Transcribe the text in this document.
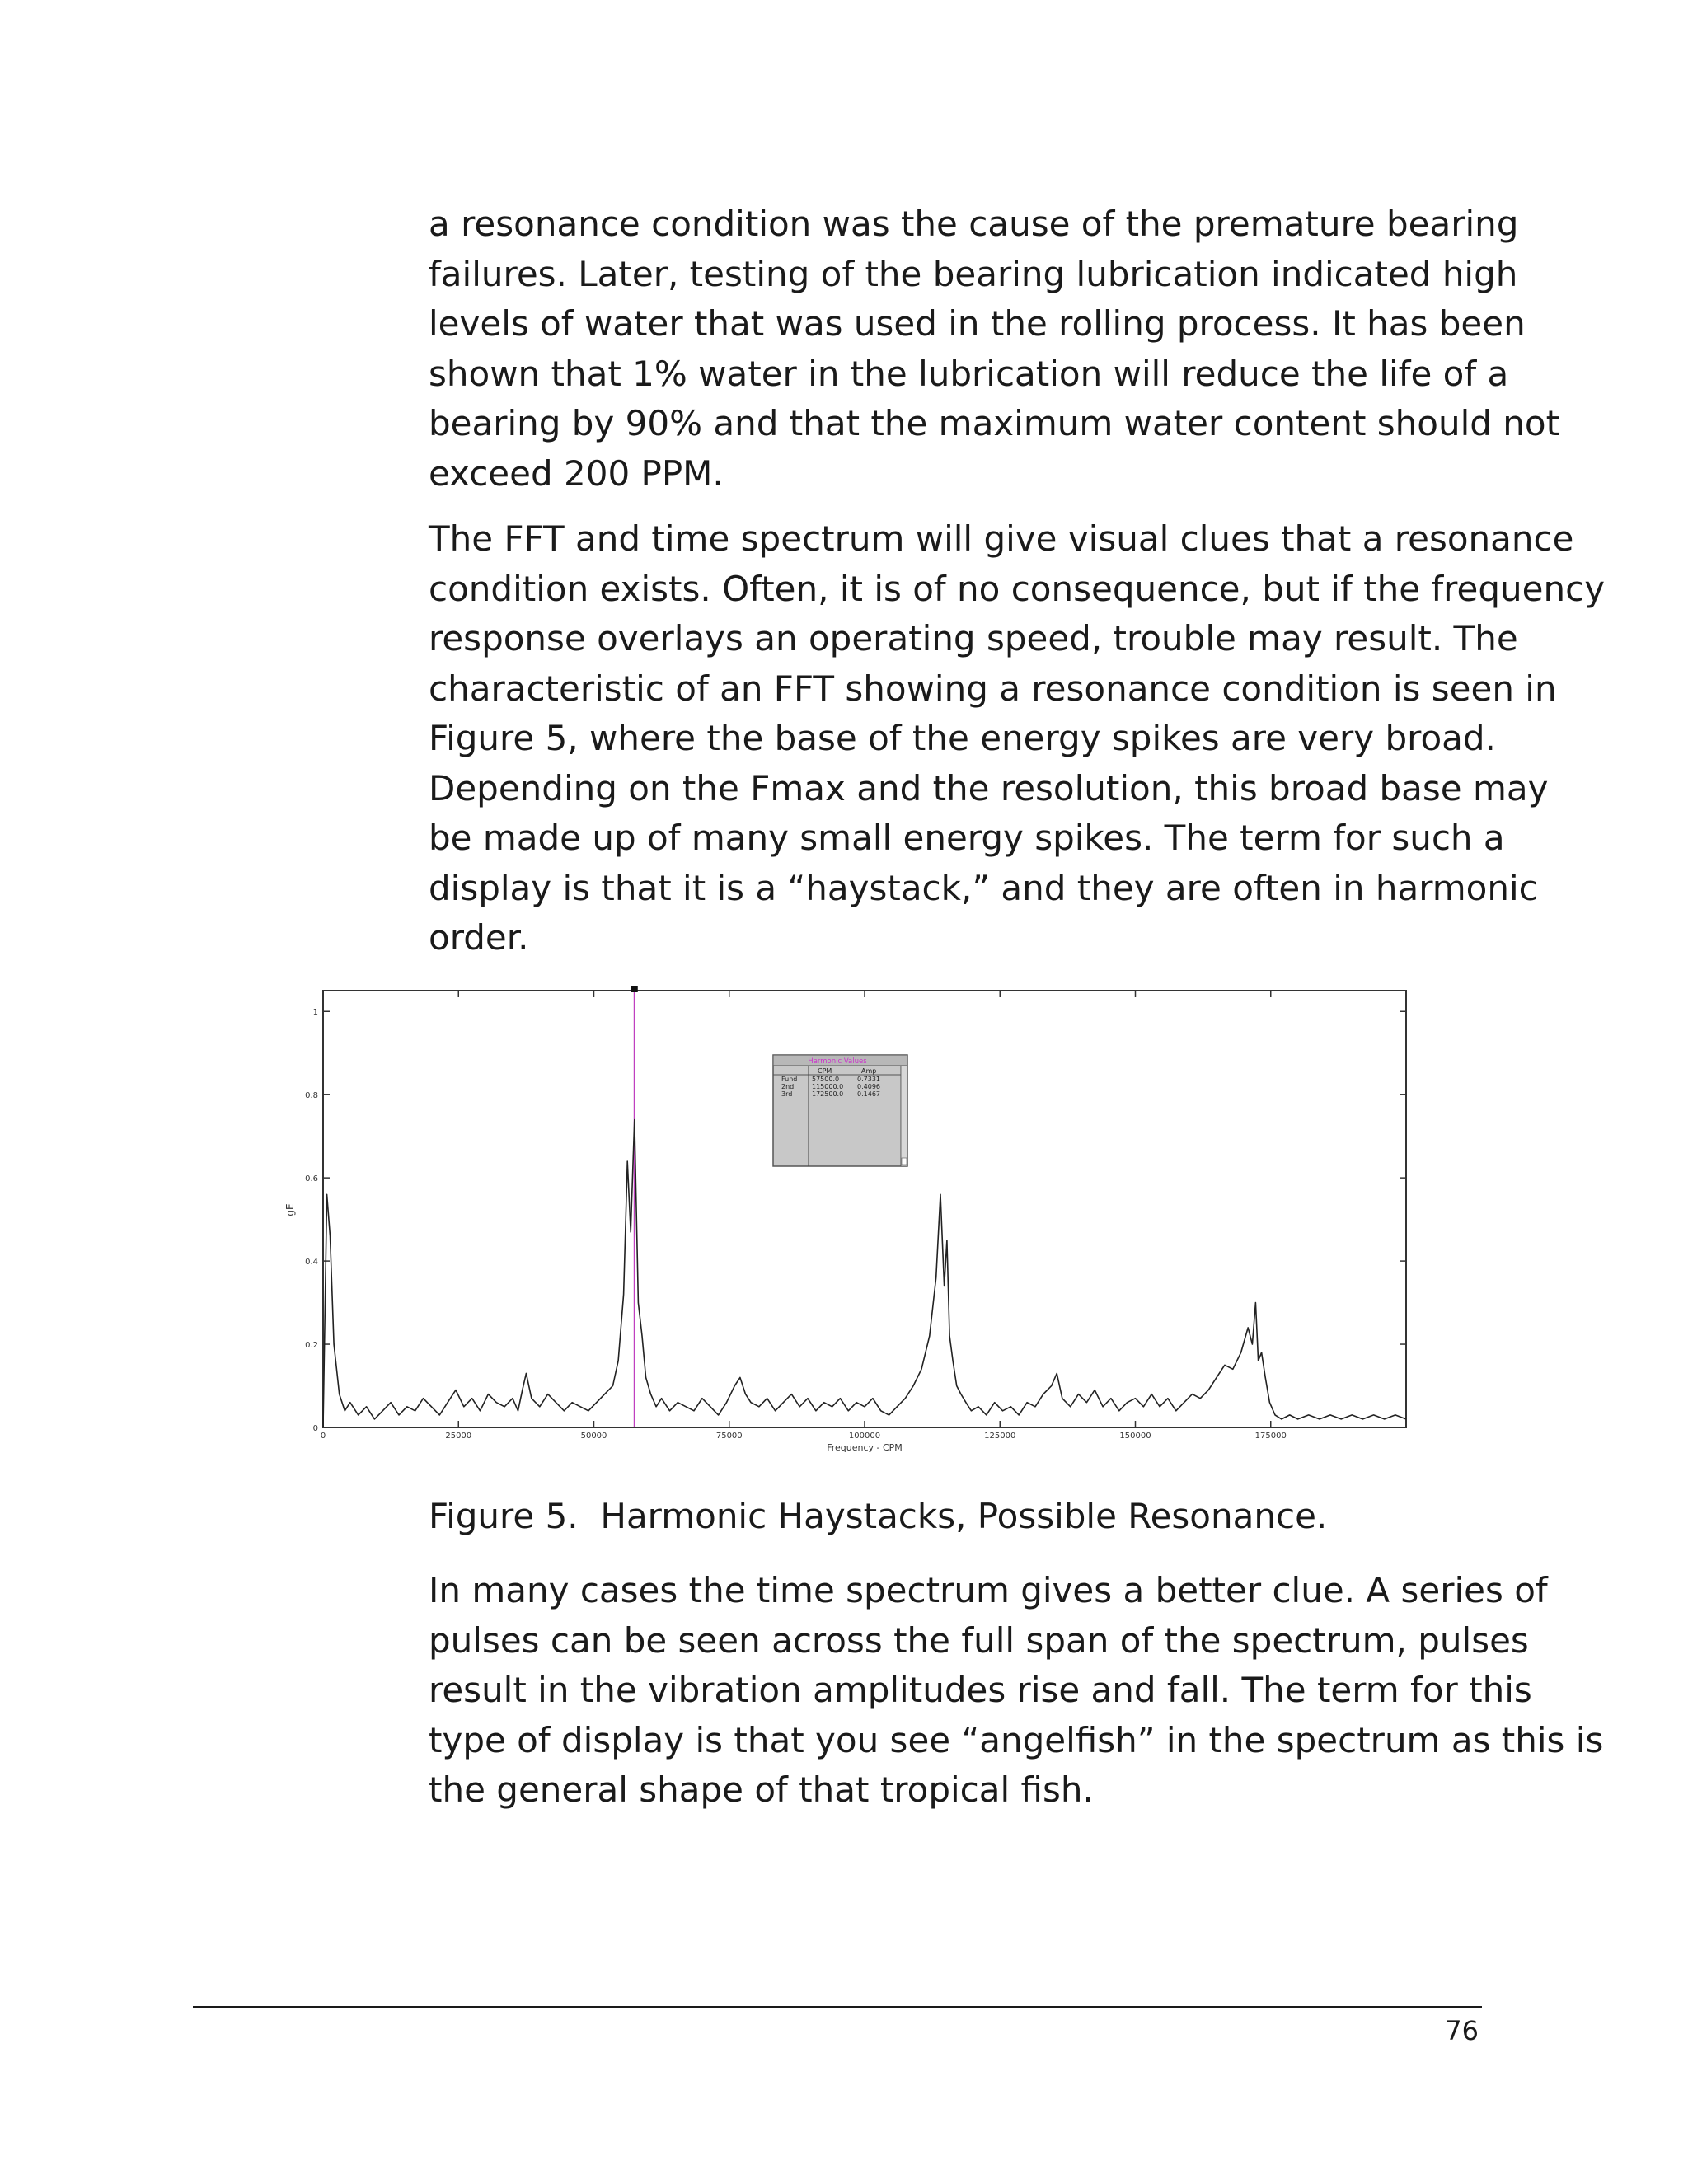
a resonance condition was the cause of the premature bearing
failures. Later, testing of the bearing lubrication indicated high
levels of water that was used in the rolling process. It has been
shown that 1% water in the lubrication will reduce the life of a
bearing by 90% and that the maximum water content should not
exceed 200 PPM.
The FFT and time spectrum will give visual clues that a resonance
condition exists. Often, it is of no consequence, but if the frequency
response overlays an operating speed, trouble may result. The
characteristic of an FFT showing a resonance condition is seen in
Figure 5, where the base of the energy spikes are very broad.
Depending on the Fmax and the resolution, this broad base may
be made up of many small energy spikes. The term for such a
display is that it is a “haystack,” and they are often in harmonic
order.
0
0.2
0.4
0.6
0.8
1
0	25000	50000	75000	100000	125000	150000	175000
Frequency - CPM
gE
Harmonic Values
CPM	Amp
Fund 57500.0	0.7331
2nd	115000.0 0.4096
3rd	172500.0 0.1467
Figure 5.  Harmonic Haystacks, Possible Resonance.
In many cases the time spectrum gives a better clue. A series of
pulses can be seen across the full span of the spectrum, pulses
result in the vibration amplitudes rise and fall. The term for this
type of display is that you see “angelfish” in the spectrum as this is
the general shape of that tropical fish.
76
